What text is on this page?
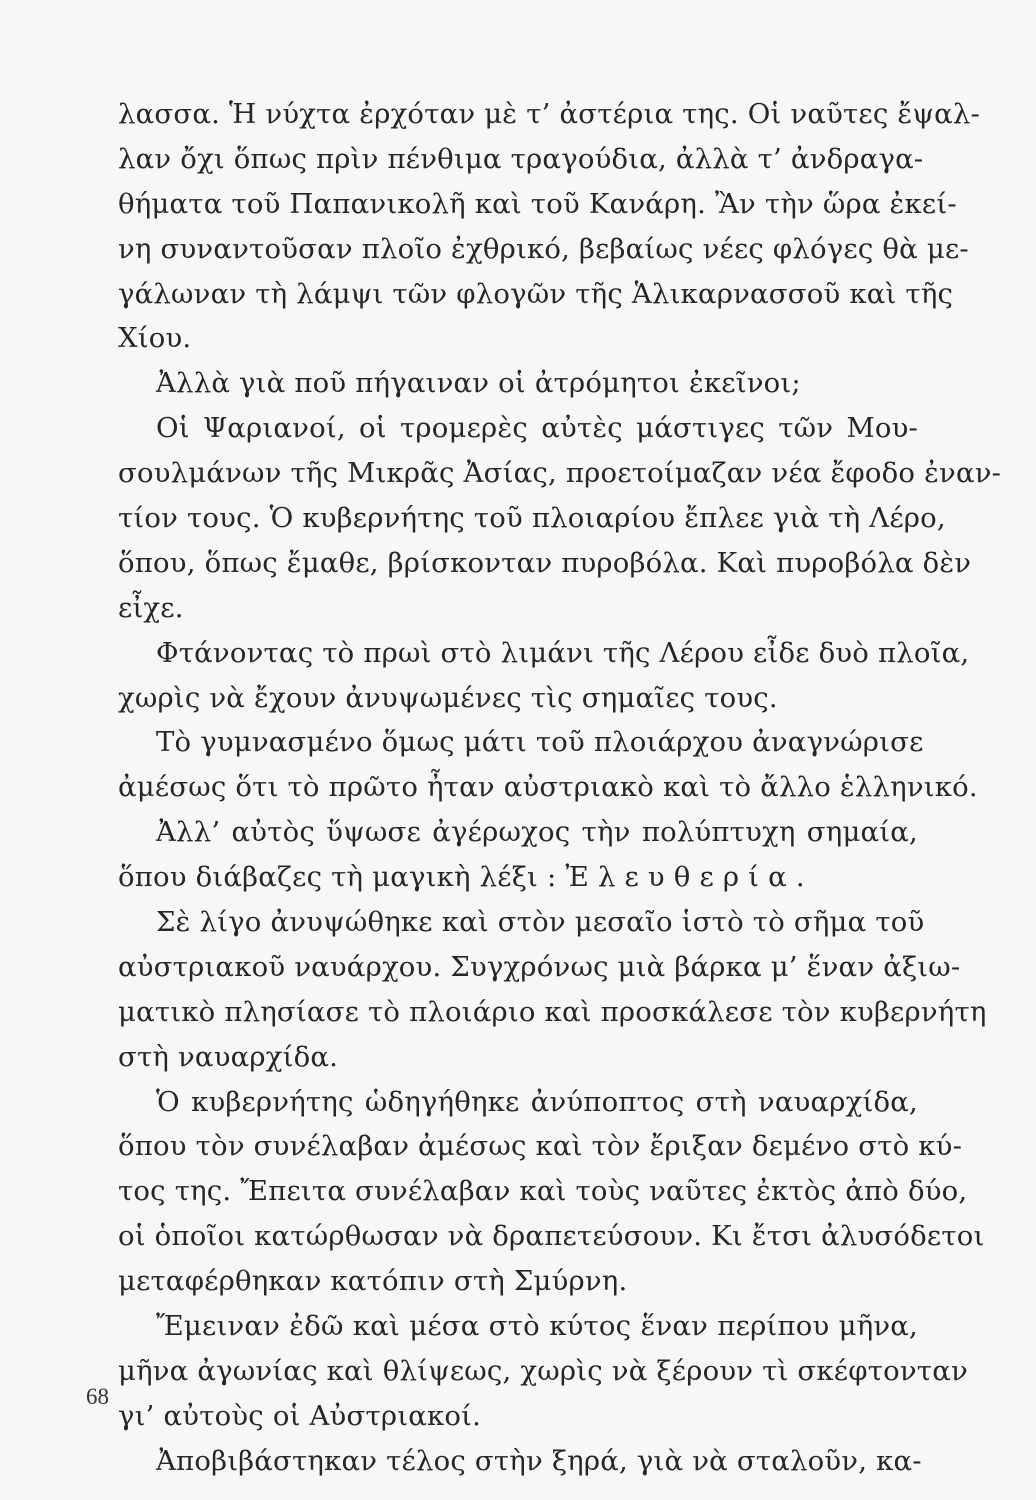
λασσα. Ἡ νύχτα ἐρχόταν μὲ τ’ ἀστέρια της. Οἱ ναῦτες ἔψαλ-
λαν ὄχι ὅπως πρὶν πένθιμα τραγούδια, ἀλλὰ τ’ ἀνδραγα-
θήματα τοῦ Παπανικολῆ καὶ τοῦ Κανάρη. Ἂν τὴν ὥρα ἐκεί-
νη συναντοῦσαν πλοῖο ἐχθρικό, βεβαίως νέες φλόγες θὰ με-
γάλωναν τὴ λάμψι τῶν φλογῶν τῆς Ἁλικαρνασσοῦ καὶ τῆς
Χίου.
Ἀλλὰ γιὰ ποῦ πήγαιναν οἱ ἀτρόμητοι ἐκεῖνοι;
Οἱ Ψαριανοί, οἱ τρομερὲς αὐτὲς μάστιγες τῶν Μου-
σουλμάνων τῆς Μικρᾶς Ἀσίας, προετοίμαζαν νέα ἔφοδο ἐναν-
τίον τους. Ὁ κυβερνήτης τοῦ πλοιαρίου ἔπλεε γιὰ τὴ Λέρο,
ὅπου, ὅπως ἔμαθε, βρίσκονταν πυροβόλα. Καὶ πυροβόλα δὲν
εἶχε.
Φτάνοντας τὸ πρωὶ στὸ λιμάνι τῆς Λέρου εἶδε δυὸ πλοῖα,
χωρὶς νὰ ἔχουν ἀνυψωμένες τὶς σημαῖες τους.
Τὸ γυμνασμένο ὅμως μάτι τοῦ πλοιάρχου ἀναγνώρισε
ἀμέσως ὅτι τὸ πρῶτο ἦταν αὐστριακὸ καὶ τὸ ἄλλο ἑλληνικό.
Ἀλλ’ αὐτὸς ὕψωσε ἀγέρωχος τὴν πολύπτυχη σημαία,
ὅπου διάβαζες τὴ μαγικὴ λέξι : Ἐ λ ε υ θ ε ρ ί α .
Σὲ λίγο ἀνυψώθηκε καὶ στὸν μεσαῖο ἱστὸ τὸ σῆμα τοῦ
αὐστριακοῦ ναυάρχου. Συγχρόνως μιὰ βάρκα μ’ ἕναν ἀξιω-
ματικὸ πλησίασε τὸ πλοιάριο καὶ προσκάλεσε τὸν κυβερνήτη
στὴ ναυαρχίδα.
Ὁ κυβερνήτης ὡδηγήθηκε ἀνύποπτος στὴ ναυαρχίδα,
ὅπου τὸν συνέλαβαν ἀμέσως καὶ τὸν ἔριξαν δεμένο στὸ κύ-
τος της. Ἔπειτα συνέλαβαν καὶ τοὺς ναῦτες ἐκτὸς ἀπὸ δύο,
οἱ ὁποῖοι κατώρθωσαν νὰ δραπετεύσουν. Κι ἔτσι ἀλυσόδετοι
μεταφέρθηκαν κατόπιν στὴ Σμύρνη.
Ἔμειναν ἐδῶ καὶ μέσα στὸ κύτος ἕναν περίπου μῆνα,
μῆνα ἀγωνίας καὶ θλίψεως, χωρὶς νὰ ξέρουν τὶ σκέφτονταν
γι’ αὐτοὺς οἱ Αὐστριακοί.
Ἀποβιβάστηκαν τέλος στὴν ξηρά, γιὰ νὰ σταλοῦν, κα-
68
